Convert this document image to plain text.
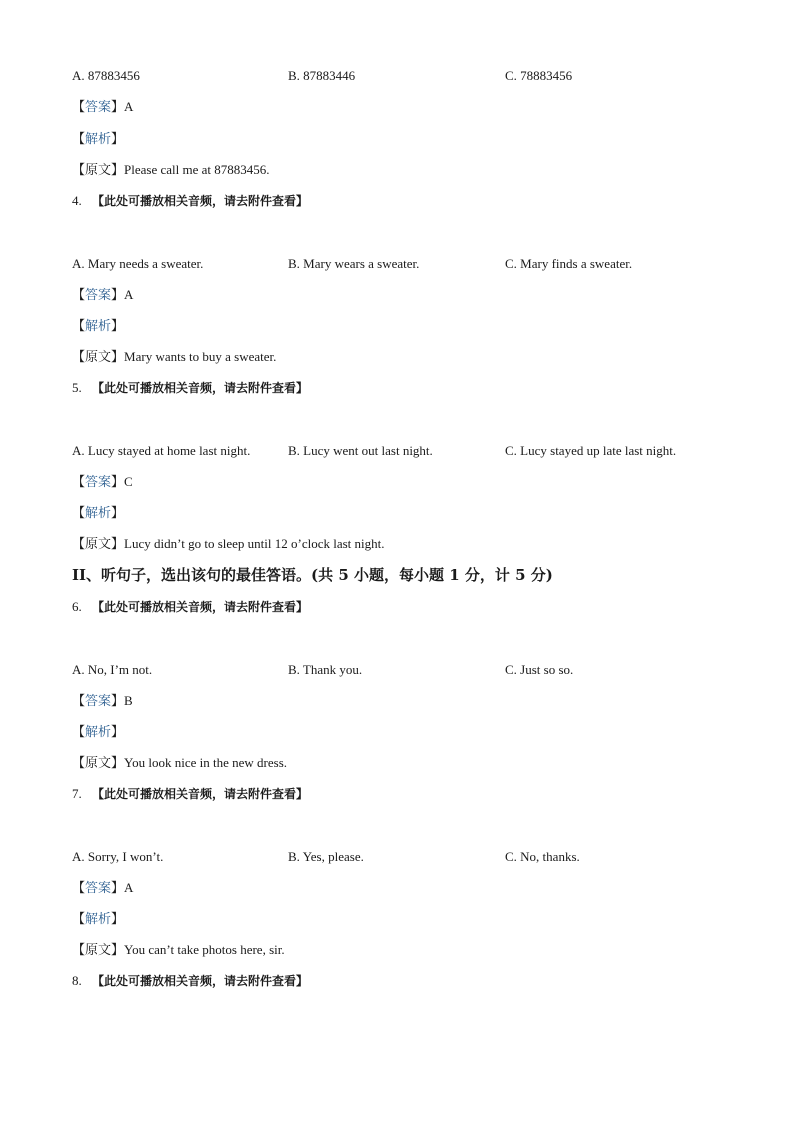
A. 87883456	B. 87883446	C. 78883456
【答案】A
【解析】
【原文】Please call me at 87883456.
4. 【此处可播放相关音频，请去附件查看】
A. Mary needs a sweater.	B. Mary wears a sweater.	C. Mary finds a sweater.
【答案】A
【解析】
【原文】Mary wants to buy a sweater.
5. 【此处可播放相关音频，请去附件查看】
A. Lucy stayed at home last night.	B. Lucy went out last night.	C. Lucy stayed up late last night.
【答案】C
【解析】
【原文】Lucy didn’t go to sleep until 12 o’clock last night.
II、听句子，选出该句的最佳答语。(共 5 小题，每小题 1 分，计 5 分)
6. 【此处可播放相关音频，请去附件查看】
A. No, I’m not.	B. Thank you.	C. Just so so.
【答案】B
【解析】
【原文】You look nice in the new dress.
7. 【此处可播放相关音频，请去附件查看】
A. Sorry, I won’t.	B. Yes, please.	C. No, thanks.
【答案】A
【解析】
【原文】You can’t take photos here, sir.
8. 【此处可播放相关音频，请去附件查看】
